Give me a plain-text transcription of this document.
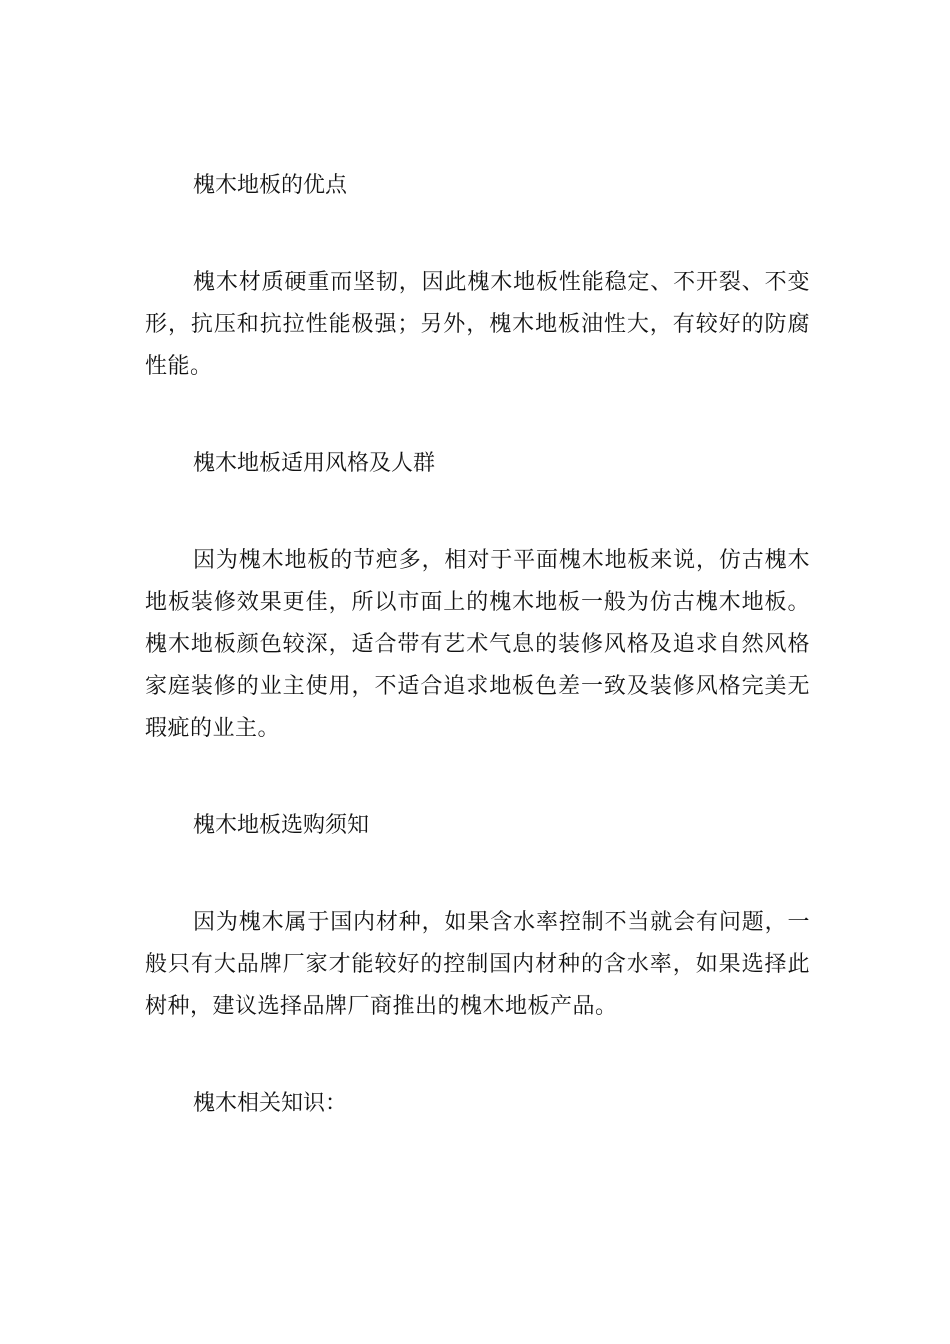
槐木地板的优点

槐木材质硬重而坚韧，因此槐木地板性能稳定、不开裂、不变形，抗压和抗拉性能极强；另外，槐木地板油性大，有较好的防腐性能。

槐木地板适用风格及人群

因为槐木地板的节疤多，相对于平面槐木地板来说，仿古槐木地板装修效果更佳，所以市面上的槐木地板一般为仿古槐木地板。槐木地板颜色较深，适合带有艺术气息的装修风格及追求自然风格家庭装修的业主使用，不适合追求地板色差一致及装修风格完美无瑕疵的业主。

槐木地板选购须知

因为槐木属于国内材种，如果含水率控制不当就会有问题，一般只有大品牌厂家才能较好的控制国内材种的含水率，如果选择此树种，建议选择品牌厂商推出的槐木地板产品。

槐木相关知识：
